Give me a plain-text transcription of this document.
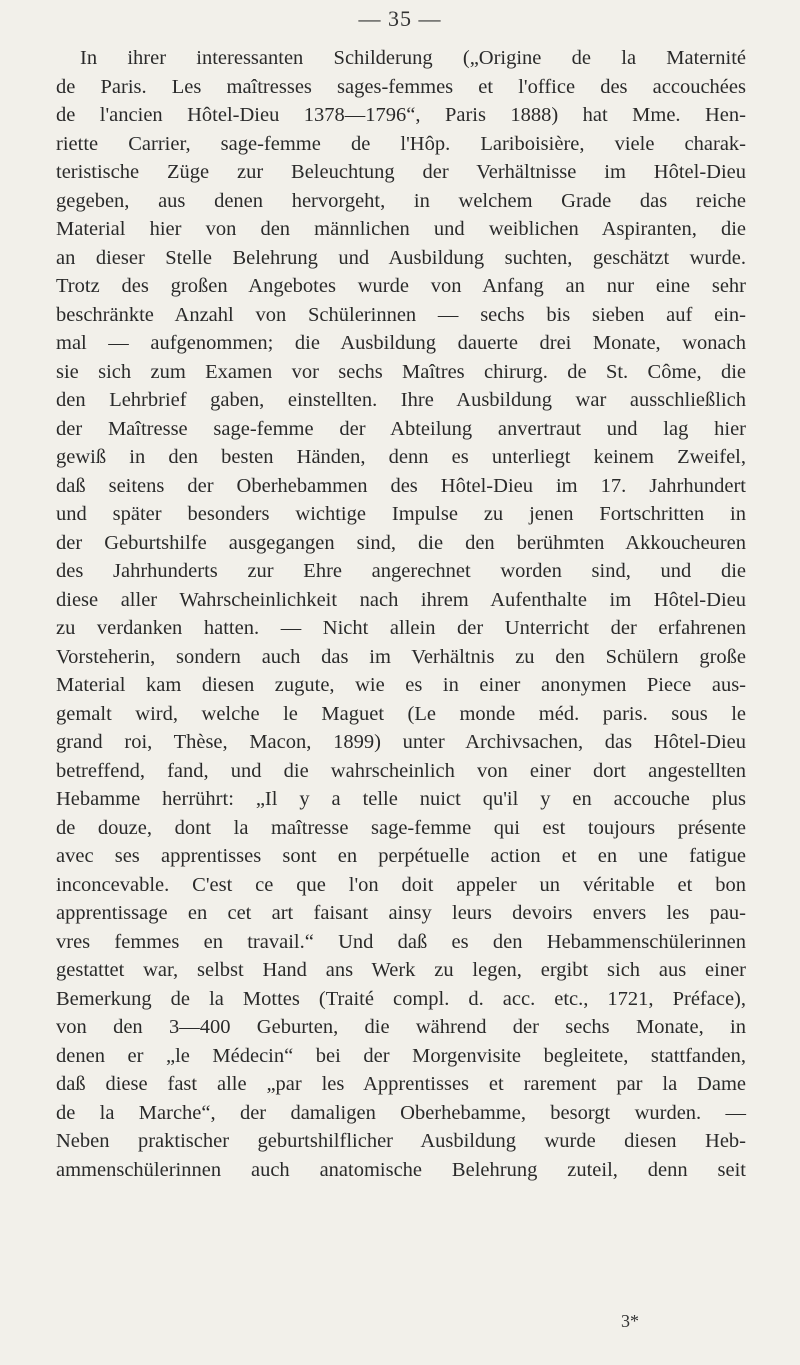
— 35 —
In ihrer interessanten Schilderung („Origine de la Maternité
de Paris. Les maîtresses sages-femmes et l'office des accouchées
de l'ancien Hôtel-Dieu 1378—1796“, Paris 1888) hat Mme. Hen-
riette Carrier, sage-femme de l'Hôp. Lariboisière, viele charak-
teristische Züge zur Beleuchtung der Verhältnisse im Hôtel-Dieu
gegeben, aus denen hervorgeht, in welchem Grade das reiche
Material hier von den männlichen und weiblichen Aspiranten, die
an dieser Stelle Belehrung und Ausbildung suchten, geschätzt wurde.
Trotz des großen Angebotes wurde von Anfang an nur eine sehr
beschränkte Anzahl von Schülerinnen — sechs bis sieben auf ein-
mal — aufgenommen; die Ausbildung dauerte drei Monate, wonach
sie sich zum Examen vor sechs Maîtres chirurg. de St. Côme, die
den Lehrbrief gaben, einstellten. Ihre Ausbildung war ausschließlich
der Maîtresse sage-femme der Abteilung anvertraut und lag hier
gewiß in den besten Händen, denn es unterliegt keinem Zweifel,
daß seitens der Oberhebammen des Hôtel-Dieu im 17. Jahrhundert
und später besonders wichtige Impulse zu jenen Fortschritten in
der Geburtshilfe ausgegangen sind, die den berühmten Akkoucheuren
des Jahrhunderts zur Ehre angerechnet worden sind, und die
diese aller Wahrscheinlichkeit nach ihrem Aufenthalte im Hôtel-Dieu
zu verdanken hatten. — Nicht allein der Unterricht der erfahrenen
Vorsteherin, sondern auch das im Verhältnis zu den Schülern große
Material kam diesen zugute, wie es in einer anonymen Piece aus-
gemalt wird, welche le Maguet (Le monde méd. paris. sous le
grand roi, Thèse, Macon, 1899) unter Archivsachen, das Hôtel-Dieu
betreffend, fand, und die wahrscheinlich von einer dort angestellten
Hebamme herrührt: „Il y a telle nuict qu'il y en accouche plus
de douze, dont la maîtresse sage-femme qui est toujours présente
avec ses apprentisses sont en perpétuelle action et en une fatigue
inconcevable. C'est ce que l'on doit appeler un véritable et bon
apprentissage en cet art faisant ainsy leurs devoirs envers les pau-
vres femmes en travail.“ Und daß es den Hebammenschülerinnen
gestattet war, selbst Hand ans Werk zu legen, ergibt sich aus einer
Bemerkung de la Mottes (Traité compl. d. acc. etc., 1721, Préface),
von den 3—400 Geburten, die während der sechs Monate, in
denen er „le Médecin“ bei der Morgenvisite begleitete, stattfanden,
daß diese fast alle „par les Apprentisses et rarement par la Dame
de la Marche“, der damaligen Oberhebamme, besorgt wurden. —
Neben praktischer geburtshilflicher Ausbildung wurde diesen Heb-
ammenschülerinnen auch anatomische Belehrung zuteil, denn seit
3*
